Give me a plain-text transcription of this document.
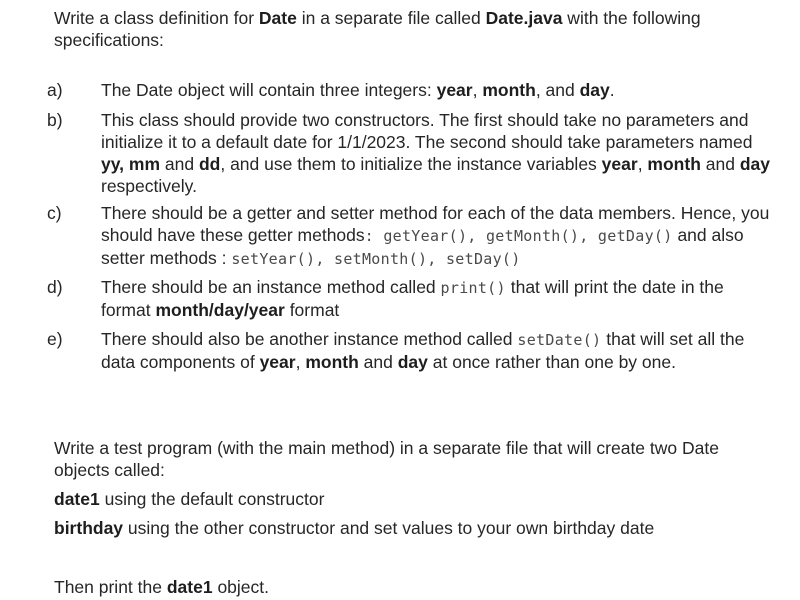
Write a class definition for Date in a separate file called Date.java with the following specifications:

a) The Date object will contain three integers: year, month, and day.

b) This class should provide two constructors. The first should take no parameters and initialize it to a default date for 1/1/2023. The second should take parameters named yy, mm and dd, and use them to initialize the instance variables year, month and day respectively.

c) There should be a getter and setter method for each of the data members. Hence, you should have these getter methods: getYear(), getMonth(), getDay() and also setter methods : setYear(), setMonth(), setDay()

d) There should be an instance method called print() that will print the date in the format month/day/year format

e) There should also be another instance method called setDate() that will set all the data components of year, month and day at once rather than one by one.

Write a test program (with the main method) in a separate file that will create two Date objects called:

date1 using the default constructor

birthday using the other constructor and set values to your own birthday date

Then print the date1 object.
